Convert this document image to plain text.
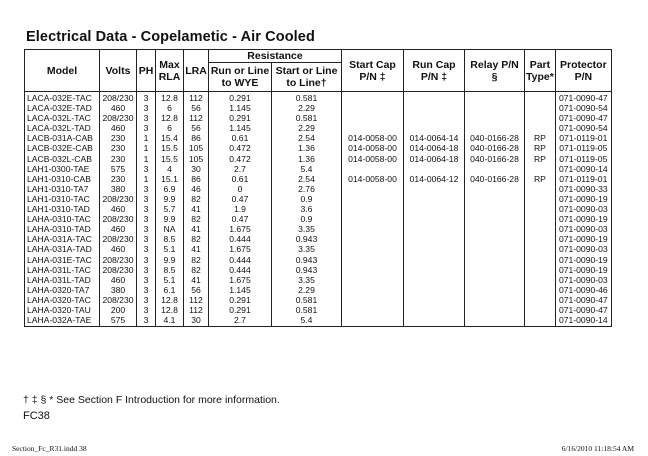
Electrical Data - Copelametic - Air Cooled
Model	Volts	PH	Max RLA	LRA	Resistance		Start Cap P/N ‡	Run Cap P/N ‡	Relay P/N §	Part Type*	Protector P/N
					Run or Line to WYE	Start or Line to Line†					
LACA-032E-TAC	208/230	3	12.8	112	0.291	0.581					071-0090-47
LACA-032E-TAD	460	3	6	56	1.145	2.29					071-0090-54
LACA-032L-TAC	208/230	3	12.8	112	0.291	0.581					071-0090-47
LACA-032L-TAD	460	3	6	56	1.145	2.29					071-0090-54
LACB-031A-CAB	230	1	15.4	86	0.61	2.54	014-0058-00	014-0064-14	040-0166-28	RP	071-0119-01
LACB-032E-CAB	230	1	15.5	105	0.472	1.36	014-0058-00	014-0064-18	040-0166-28	RP	071-0119-05
LACB-032L-CAB	230	1	15.5	105	0.472	1.36	014-0058-00	014-0064-18	040-0166-28	RP	071-0119-05
LAH1-0300-TAE	575	3	4	30	2.7	5.4					071-0090-14
LAH1-0310-CAB	230	1	15.1	86	0.61	2.54	014-0058-00	014-0064-12	040-0166-28	RP	071-0119-01
LAH1-0310-TA7	380	3	6.9	46	0	2.76					071-0090-33
LAH1-0310-TAC	208/230	3	9.9	82	0.47	0.9					071-0090-19
LAH1-0310-TAD	460	3	5.7	41	1.9	3.6					071-0090-03
LAHA-0310-TAC	208/230	3	9.9	82	0.47	0.9					071-0090-19
LAHA-0310-TAD	460	3	NA	41	1.675	3.35					071-0090-03
LAHA-031A-TAC	208/230	3	8.5	82	0.444	0.943					071-0090-19
LAHA-031A-TAD	460	3	5.1	41	1.675	3.35					071-0090-03
LAHA-031E-TAC	208/230	3	9.9	82	0.444	0.943					071-0090-19
LAHA-031L-TAC	208/230	3	8.5	82	0.444	0.943					071-0090-19
LAHA-031L-TAD	460	3	5.1	41	1.675	3.35					071-0090-03
LAHA-0320-TA7	380	3	6.1	56	1.145	2.29					071-0090-46
LAHA-0320-TAC	208/230	3	12.8	112	0.291	0.581					071-0090-47
LAHA-0320-TAU	200	3	12.8	112	0.291	0.581					071-0090-47
LAHA-032A-TAE	575	3	4.1	30	2.7	5.4					071-0090-14
† ‡ § * See Section F Introduction for more information.
FC38
Section_Fc_R31.indd 38	6/16/2010 11:18:54 AM
